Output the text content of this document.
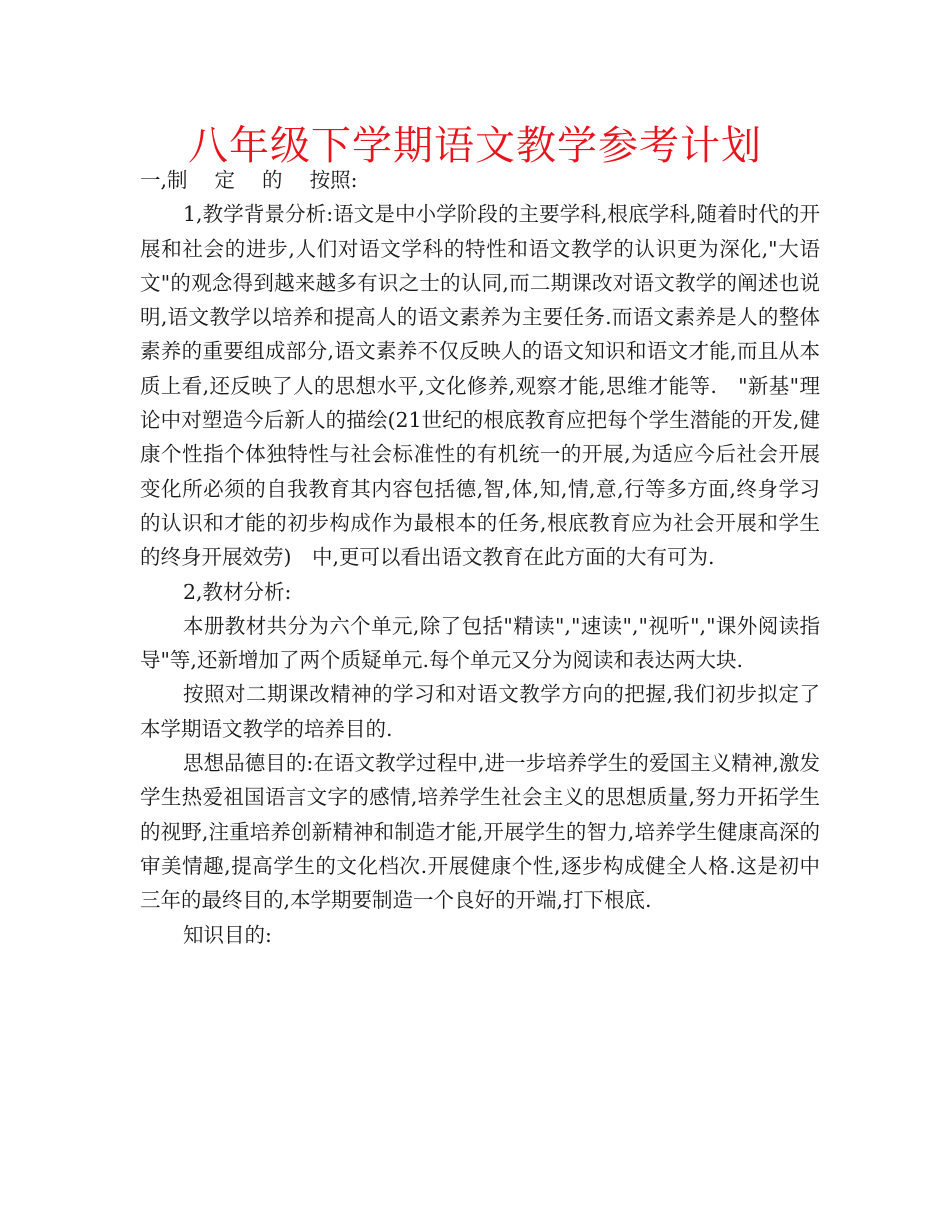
八年级下学期语文教学参考计划

一,制　 定　 的　 按照:

1,教学背景分析:语文是中小学阶段的主要学科,根底学科,随着时代的开展和社会的进步,人们对语文学科的特性和语文教学的认识更为深化,"大语文"的观念得到越来越多有识之士的认同,而二期课改对语文教学的阐述也说明,语文教学以培养和提高人的语文素养为主要任务.而语文素养是人的整体素养的重要组成部分,语文素养不仅反映人的语文知识和语文才能,而且从本质上看,还反映了人的思想水平,文化修养,观察才能,思维才能等.　"新基"理论中对塑造今后新人的描绘(21世纪的根底教育应把每个学生潜能的开发,健康个性指个体独特性与社会标准性的有机统一的开展,为适应今后社会开展变化所必须的自我教育其内容包括德,智,体,知,情,意,行等多方面,终身学习的认识和才能的初步构成作为最根本的任务,根底教育应为社会开展和学生的终身开展效劳)　中,更可以看出语文教育在此方面的大有可为.

2,教材分析:

本册教材共分为六个单元,除了包括"精读","速读","视听","课外阅读指导"等,还新增加了两个质疑单元.每个单元又分为阅读和表达两大块.

按照对二期课改精神的学习和对语文教学方向的把握,我们初步拟定了本学期语文教学的培养目的.

思想品德目的:在语文教学过程中,进一步培养学生的爱国主义精神,激发学生热爱祖国语言文字的感情,培养学生社会主义的思想质量,努力开拓学生的视野,注重培养创新精神和制造才能,开展学生的智力,培养学生健康高深的审美情趣,提高学生的文化档次.开展健康个性,逐步构成健全人格.这是初中三年的最终目的,本学期要制造一个良好的开端,打下根底.

知识目的:
